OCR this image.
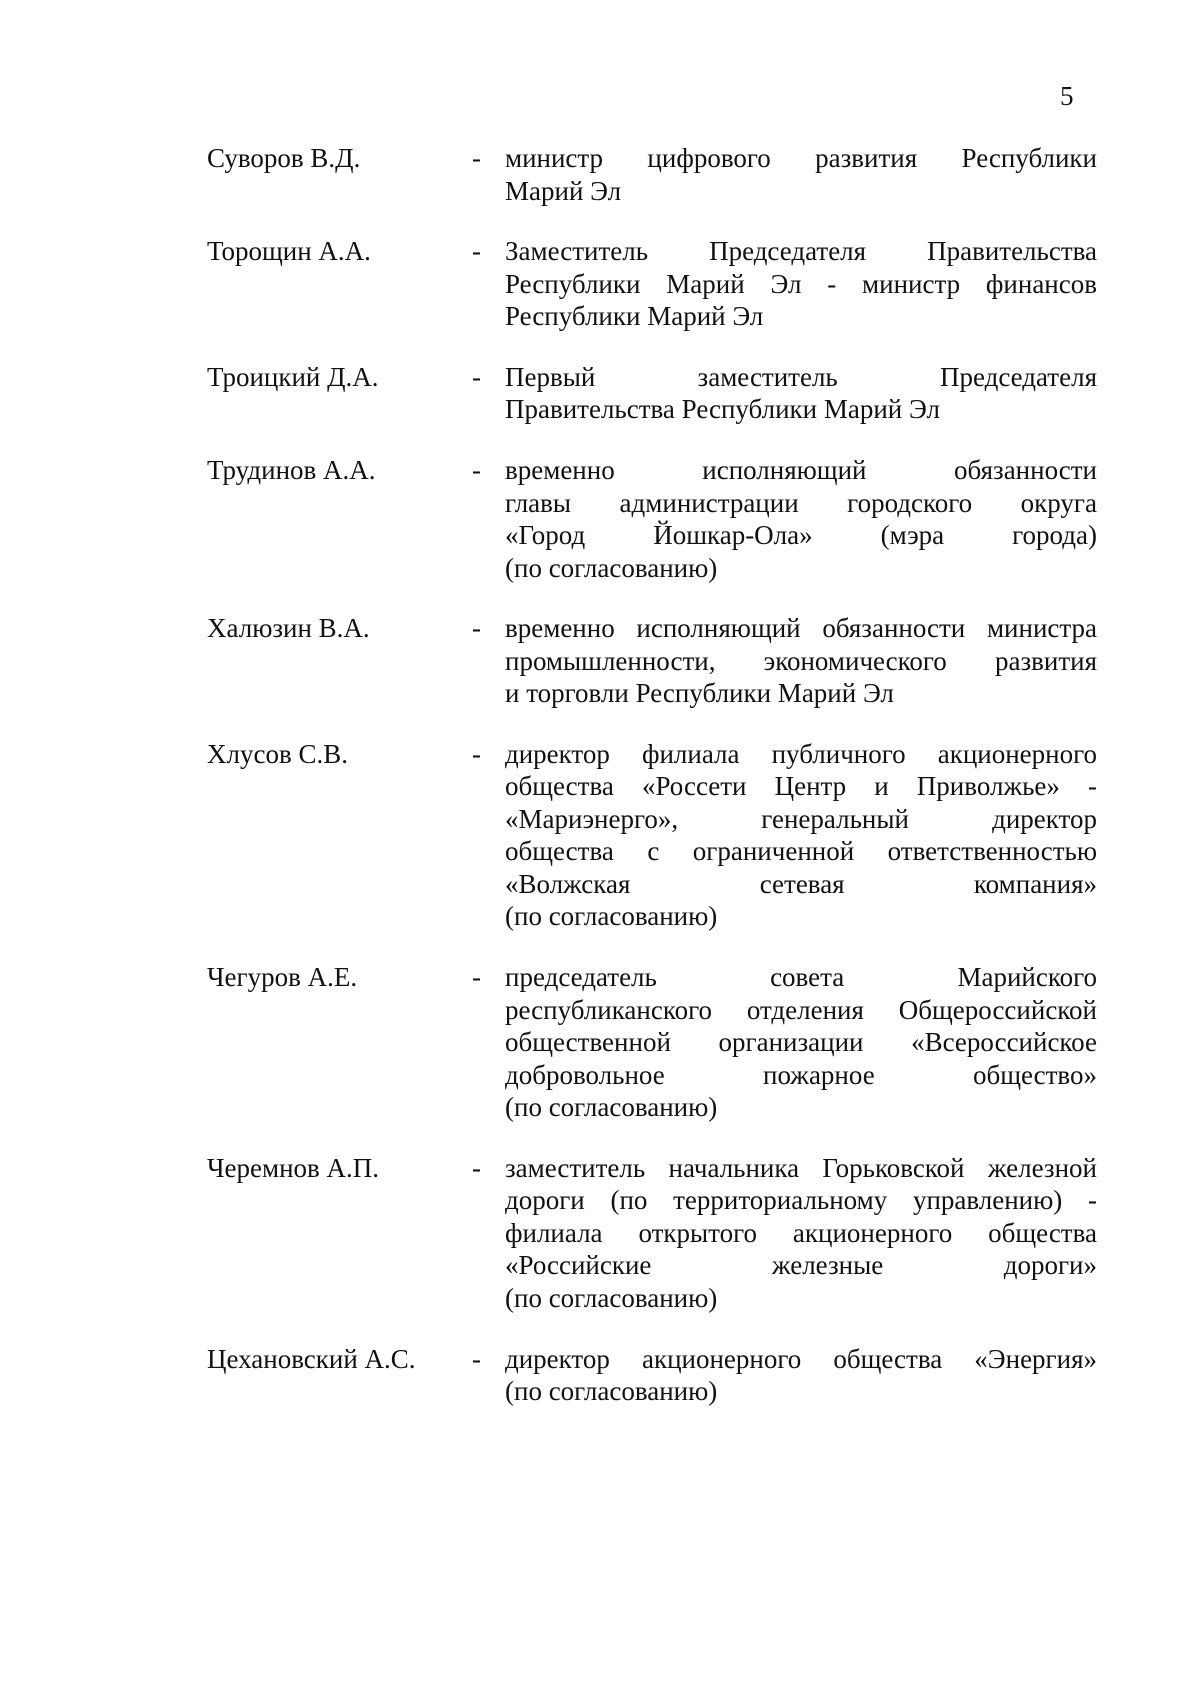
5
Суворов В.Д.	- министр цифрового развития Республики
Марий Эл
Торощин А.А.	- Заместитель Председателя Правительства
Республики Марий Эл - министр финансов
Республики Марий Эл
Троицкий Д.А.	- Первый заместитель Председателя
Правительства Республики Марий Эл
Трудинов А.А.	- временно исполняющий обязанности
главы администрации городского округа
«Город Йошкар-Ола» (мэра города)
(по согласованию)
Халюзин В.А.	- временно исполняющий обязанности министра
промышленности, экономического развития
и торговли Республики Марий Эл
Хлусов С.В.	- директор филиала публичного акционерного
общества «Россети Центр и Приволжье» -
«Мариэнерго», генеральный директор
общества с ограниченной ответственностью
«Волжская сетевая компания»
(по согласованию)
Чегуров А.Е.	- председатель совета Марийского
республиканского отделения Общероссийской
общественной организации «Всероссийское
добровольное пожарное общество»
(по согласованию)
Черемнов А.П.	- заместитель начальника Горьковской железной
дороги (по территориальному управлению) -
филиала открытого акционерного общества
«Российские железные дороги»
(по согласованию)
Цехановский А.С.	- директор акционерного общества «Энергия»
(по согласованию)
